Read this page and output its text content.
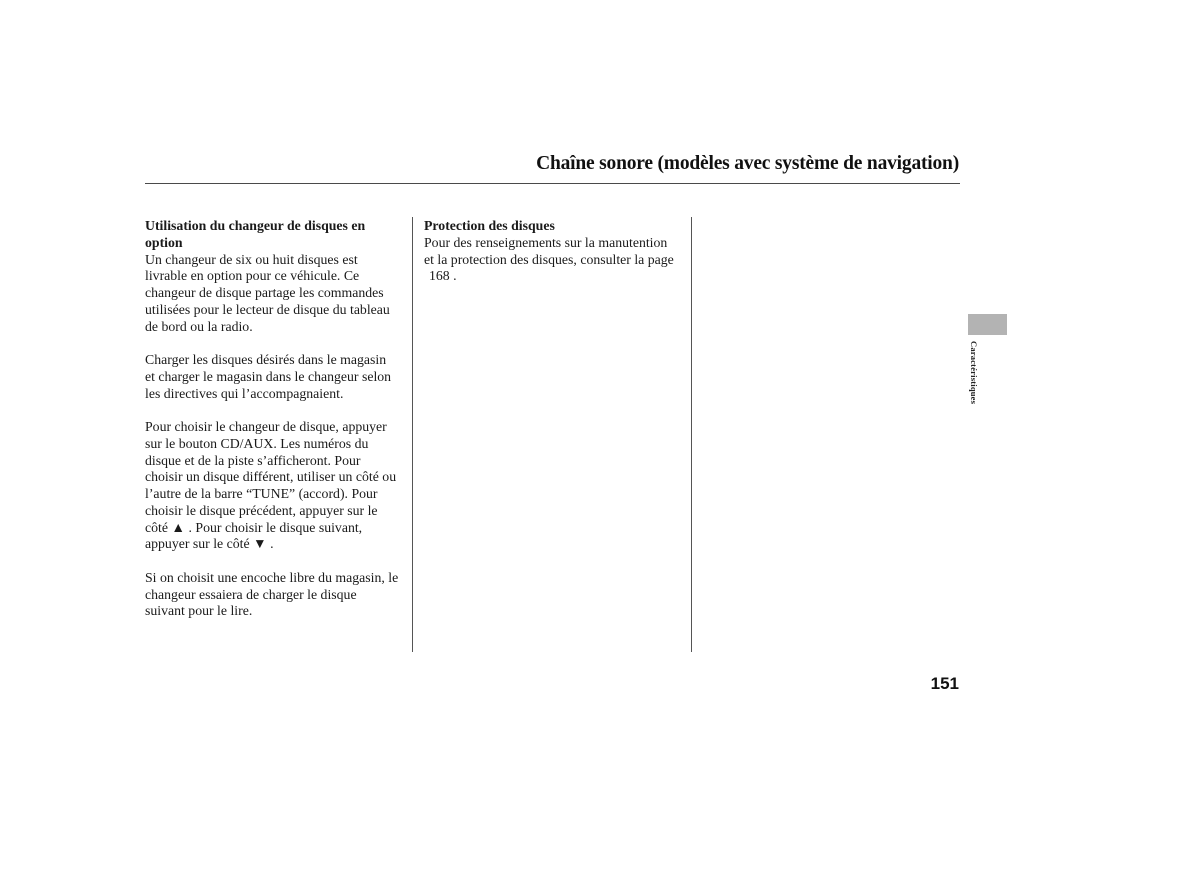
Chaîne sonore (modèles avec système de navigation)
Utilisation du changeur de disques en
option
Un changeur de six ou huit disques est
livrable en option pour ce véhicule. Ce
changeur de disque partage les commandes
utilisées pour le lecteur de disque du tableau
de bord ou la radio.
Charger les disques désirés dans le magasin
et charger le magasin dans le changeur selon
les directives qui l’accompagnaient.
Pour choisir le changeur de disque, appuyer
sur le bouton CD/AUX. Les numéros du
disque et de la piste s’afficheront. Pour
choisir un disque différent, utiliser un côté ou
l’autre de la barre “TUNE” (accord). Pour
choisir le disque précédent, appuyer sur le
côté ▲ . Pour choisir le disque suivant,
appuyer sur le côté ▼ .
Si on choisit une encoche libre du magasin, le
changeur essaiera de charger le disque
suivant pour le lire.
Protection des disques
Pour des renseignements sur la manutention
et la protection des disques, consulter la page
168 .
Caractéristiques
151
